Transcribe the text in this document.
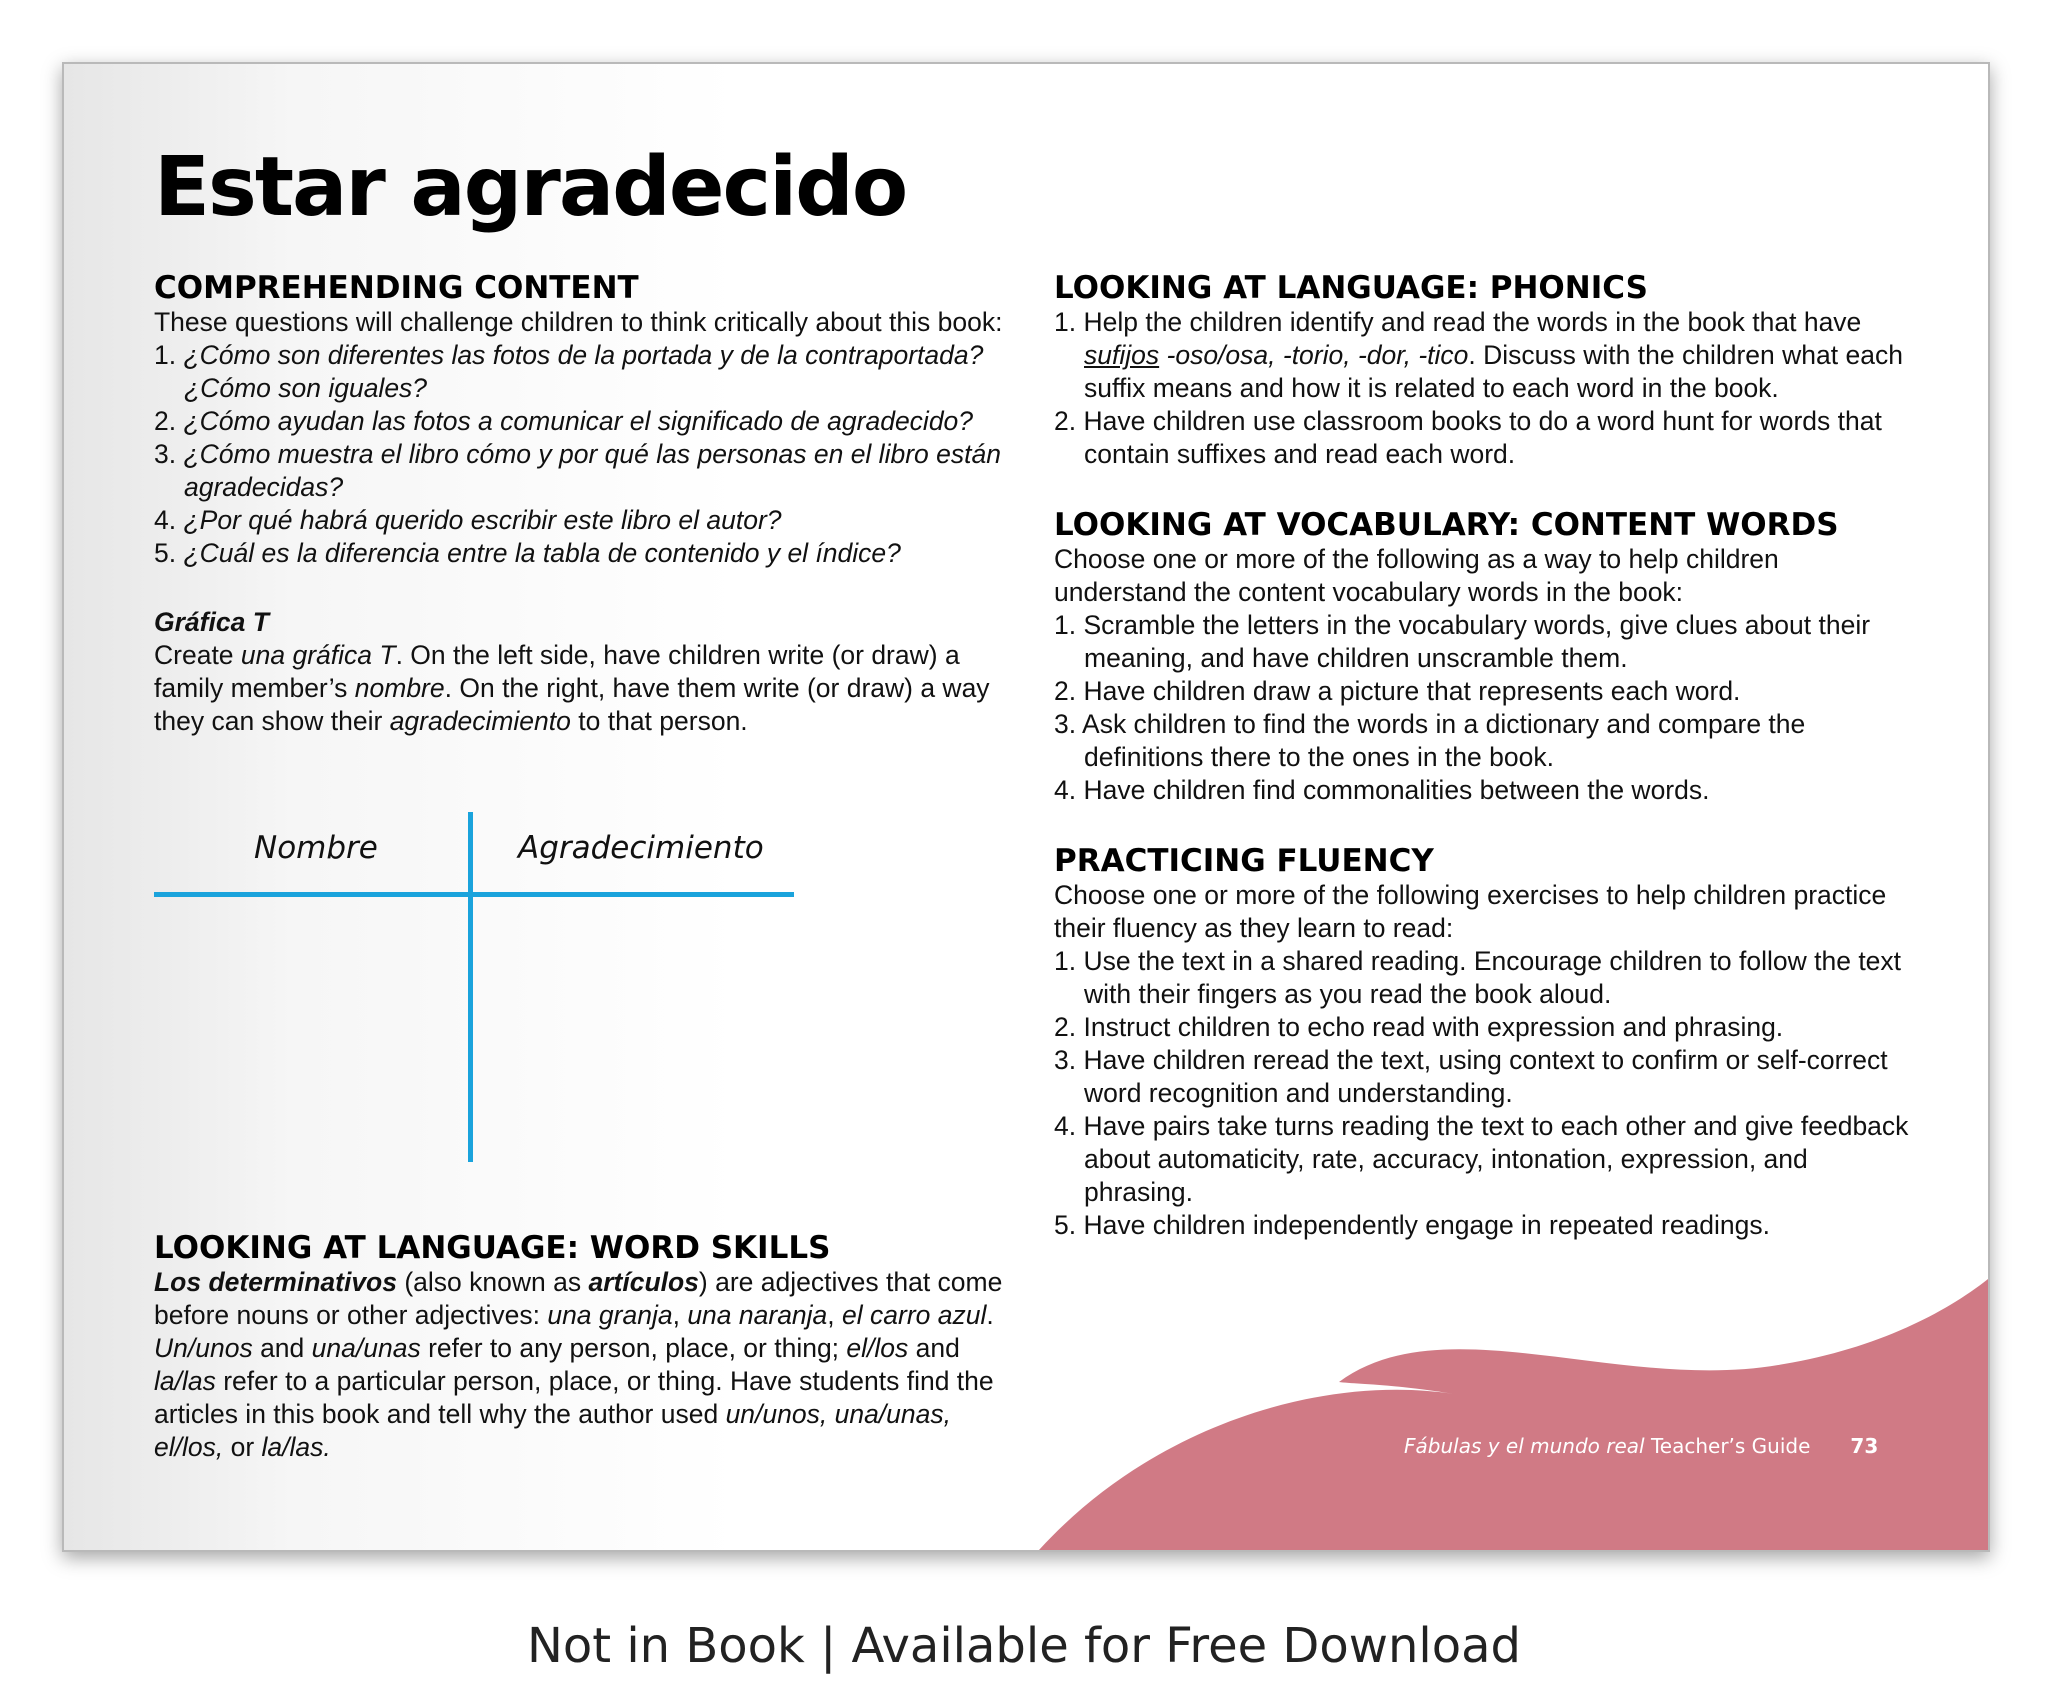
Estar agradecido
COMPREHENDING CONTENT

These questions will challenge children to think critically about this book:

1. ¿Cómo son diferentes las fotos de la portada y de la contraportada? ¿Cómo son iguales?
2. ¿Cómo ayudan las fotos a comunicar el significado de agradecido?
3. ¿Cómo muestra el libro cómo y por qué las personas en el libro están agradecidas?
4. ¿Por qué habrá querido escribir este libro el autor?
5. ¿Cuál es la diferencia entre la tabla de contenido y el índice?
Gráfica T

Create una gráfica T. On the left side, have children write (or draw) a family member’s nombre. On the right, have them write (or draw) a way they can show their agradecimiento to that person.

Nombre	Agradecimiento
LOOKING AT LANGUAGE: WORD SKILLS

Los determinativos (also known as artículos) are adjectives that come before nouns or other adjectives: una granja, una naranja, el carro azul. Un/unos and una/unas refer to any person, place, or thing; el/los and la/las refer to a particular person, place, or thing. Have students find the articles in this book and tell why the author used un/unos, una/unas, el/los, or la/las.

LOOKING AT LANGUAGE: PHONICS
1. Help the children identify and read the words in the book that have sufijos -oso/osa, -torio, -dor, -tico. Discuss with the children what each suffix means and how it is related to each word in the book.
2. Have children use classroom books to do a word hunt for words that contain suffixes and read each word.
LOOKING AT VOCABULARY: CONTENT WORDS

Choose one or more of the following as a way to help children understand the content vocabulary words in the book:

1. Scramble the letters in the vocabulary words, give clues about their meaning, and have children unscramble them.
2. Have children draw a picture that represents each word.
3. Ask children to find the words in a dictionary and compare the definitions there to the ones in the book.
4. Have children find commonalities between the words.
PRACTICING FLUENCY

Choose one or more of the following exercises to help children practice their fluency as they learn to read:

1. Use the text in a shared reading. Encourage children to follow the text with their fingers as you read the book aloud.
2. Instruct children to echo read with expression and phrasing.
3. Have children reread the text, using context to confirm or self-correct word recognition and understanding.
4. Have pairs take turns reading the text to each other and give feedback about automaticity, rate, accuracy, intonation, expression, and phrasing.
5. Have children independently engage in repeated readings.
Fábulas y el mundo real Teacher’s Guide 73
Not in Book | Available for Free Download
